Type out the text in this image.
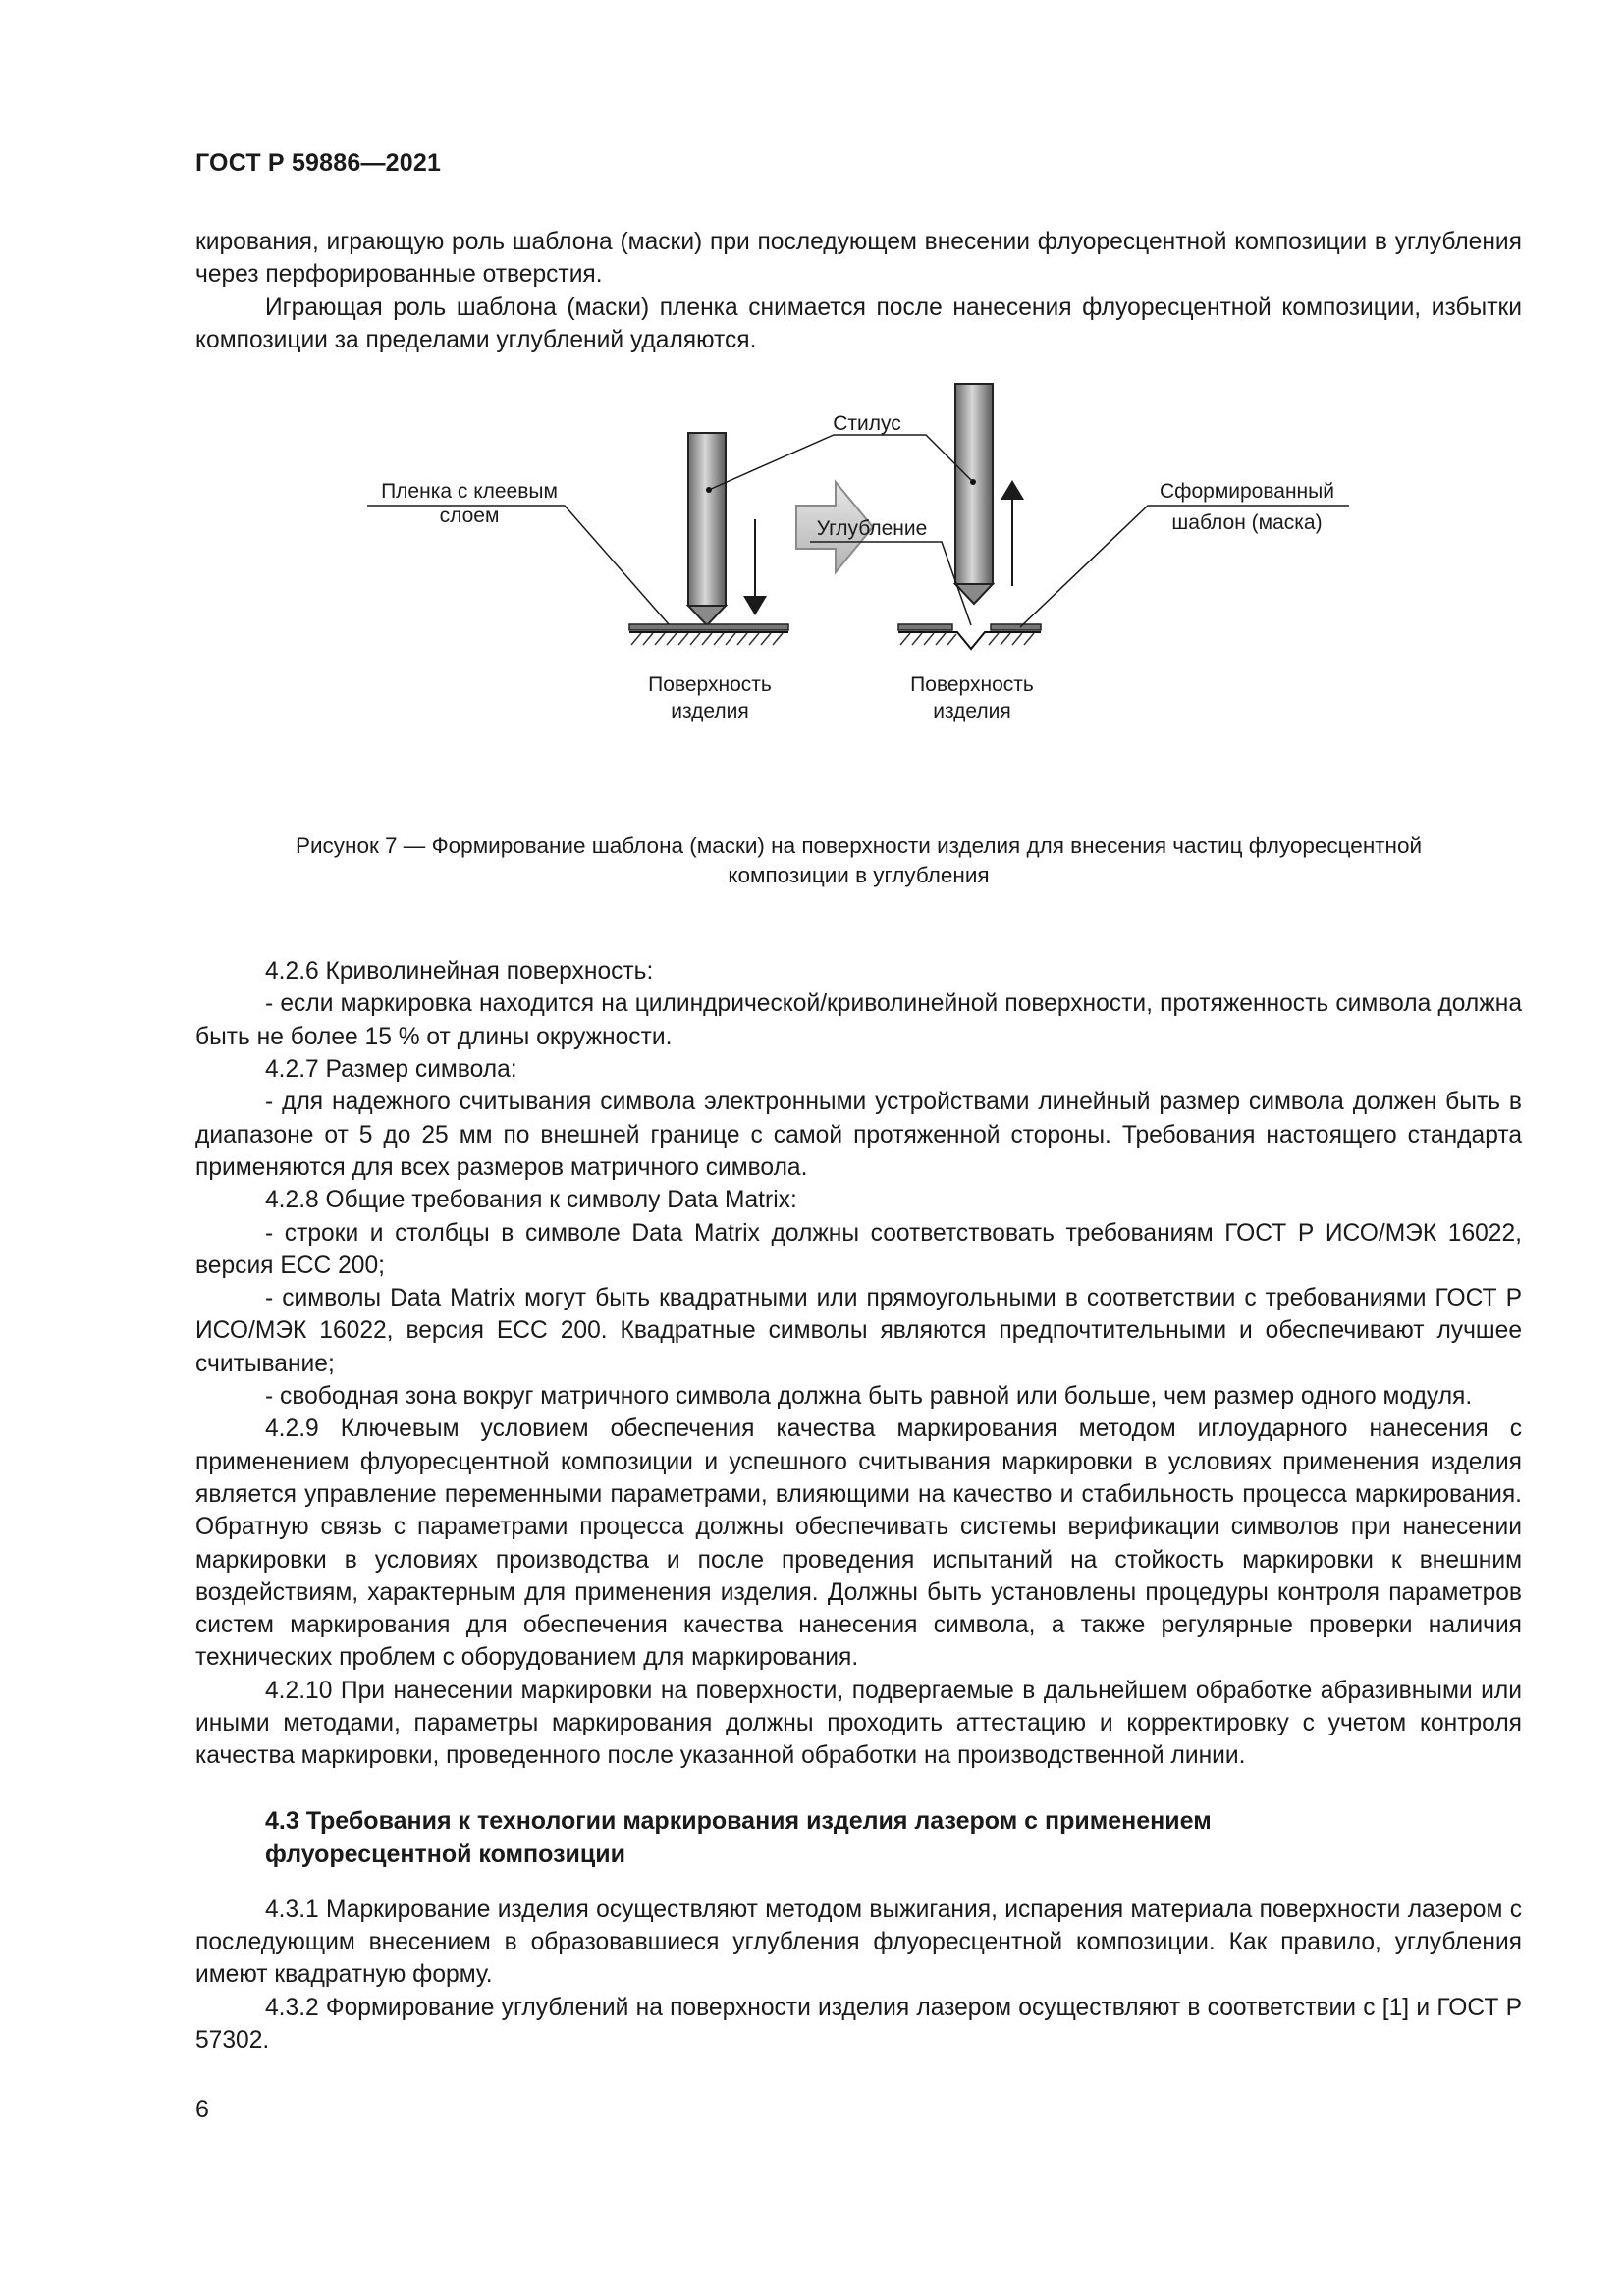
ГОСТ Р 59886—2021

кирования, играющую роль шаблона (маски) при последующем внесении флуоресцентной композиции в углубления через перфорированные отверстия.

Играющая роль шаблона (маски) пленка снимается после нанесения флуоресцентной композиции, избытки композиции за пределами углублений удаляются.

Стилус
Пленка с клеевым
слоем
Сформированный
шаблон (маска)
Углубление
Поверхность
изделия
Поверхность
изделия
Рисунок 7 — Формирование шаблона (маски) на поверхности изделия для внесения частиц флуоресцентной
композиции в углубления

4.2.6 Криволинейная поверхность:

- если маркировка находится на цилиндрической/криволинейной поверхности, протяженность символа должна быть не более 15 % от длины окружности.

4.2.7 Размер символа:

- для надежного считывания символа электронными устройствами линейный размер символа должен быть в диапазоне от 5 до 25 мм по внешней границе с самой протяженной стороны. Требования настоящего стандарта применяются для всех размеров матричного символа.

4.2.8 Общие требования к символу Data Matrix:

- строки и столбцы в символе Data Matrix должны соответствовать требованиям ГОСТ Р ИСО/МЭК 16022, версия ECC 200;

- символы Data Matrix могут быть квадратными или прямоугольными в соответствии с требованиями ГОСТ Р ИСО/МЭК 16022, версия ECC 200. Квадратные символы являются предпочтительными и обеспечивают лучшее считывание;

- свободная зона вокруг матричного символа должна быть равной или больше, чем размер одного модуля.

4.2.9 Ключевым условием обеспечения качества маркирования методом иглоударного нанесения с применением флуоресцентной композиции и успешного считывания маркировки в условиях применения изделия является управление переменными параметрами, влияющими на качество и стабильность процесса маркирования. Обратную связь с параметрами процесса должны обеспечивать системы верификации символов при нанесении маркировки в условиях производства и после проведения испытаний на стойкость маркировки к внешним воздействиям, характерным для применения изделия. Должны быть установлены процедуры контроля параметров систем маркирования для обеспечения качества нанесения символа, а также регулярные проверки наличия технических проблем с оборудованием для маркирования.

4.2.10 При нанесении маркировки на поверхности, подвергаемые в дальнейшем обработке абразивными или иными методами, параметры маркирования должны проходить аттестацию и корректировку с учетом контроля качества маркировки, проведенного после указанной обработки на производственной линии.

4.3 Требования к технологии маркирования изделия лазером с применением
флуоресцентной композиции

4.3.1 Маркирование изделия осуществляют методом выжигания, испарения материала поверхности лазером с последующим внесением в образовавшиеся углубления флуоресцентной композиции. Как правило, углубления имеют квадратную форму.

4.3.2 Формирование углублений на поверхности изделия лазером осуществляют в соответствии с [1] и ГОСТ Р 57302.

6
